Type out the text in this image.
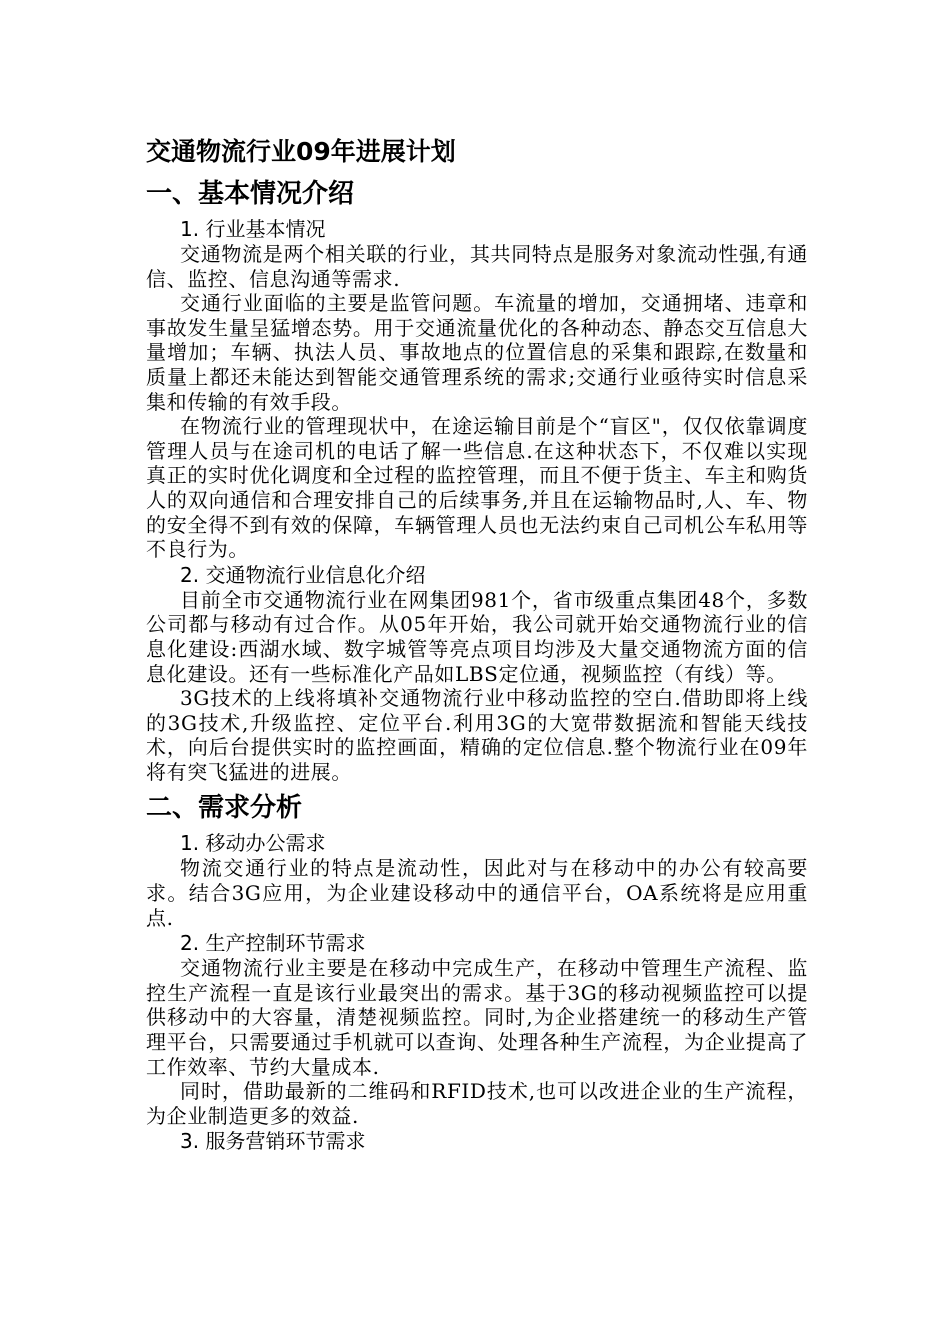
交通物流行业09年进展计划
一、基本情况介绍
1. 行业基本情况

交通物流是两个相关联的行业，其共同特点是服务对象流动性强,有通信、监控、信息沟通等需求.

交通行业面临的主要是监管问题。车流量的增加，交通拥堵、违章和事故发生量呈猛增态势。用于交通流量优化的各种动态、静态交互信息大量增加；车辆、执法人员、事故地点的位置信息的采集和跟踪,在数量和质量上都还未能达到智能交通管理系统的需求;交通行业亟待实时信息采集和传输的有效手段。

在物流行业的管理现状中，在途运输目前是个“盲区"，仅仅依靠调度管理人员与在途司机的电话了解一些信息.在这种状态下，不仅难以实现真正的实时优化调度和全过程的监控管理，而且不便于货主、车主和购货人的双向通信和合理安排自己的后续事务,并且在运输物品时,人、车、物的安全得不到有效的保障，车辆管理人员也无法约束自己司机公车私用等不良行为。

2. 交通物流行业信息化介绍

目前全市交通物流行业在网集团981个，省市级重点集团48个，多数公司都与移动有过合作。从05年开始，我公司就开始交通物流行业的信息化建设:西湖水域、数字城管等亮点项目均涉及大量交通物流方面的信息化建设。还有一些标准化产品如LBS定位通，视频监控（有线）等。

3G技术的上线将填补交通物流行业中移动监控的空白.借助即将上线的3G技术,升级监控、定位平台.利用3G的大宽带数据流和智能天线技术，向后台提供实时的监控画面，精确的定位信息.整个物流行业在09年将有突飞猛进的进展。

二、需求分析
1. 移动办公需求

物流交通行业的特点是流动性，因此对与在移动中的办公有较高要求。结合3G应用，为企业建设移动中的通信平台，OA系统将是应用重点.

2. 生产控制环节需求

交通物流行业主要是在移动中完成生产，在移动中管理生产流程、监控生产流程一直是该行业最突出的需求。基于3G的移动视频监控可以提供移动中的大容量，清楚视频监控。同时,为企业搭建统一的移动生产管理平台，只需要通过手机就可以查询、处理各种生产流程，为企业提高了工作效率、节约大量成本.

同时，借助最新的二维码和RFID技术,也可以改进企业的生产流程，为企业制造更多的效益.

3. 服务营销环节需求
